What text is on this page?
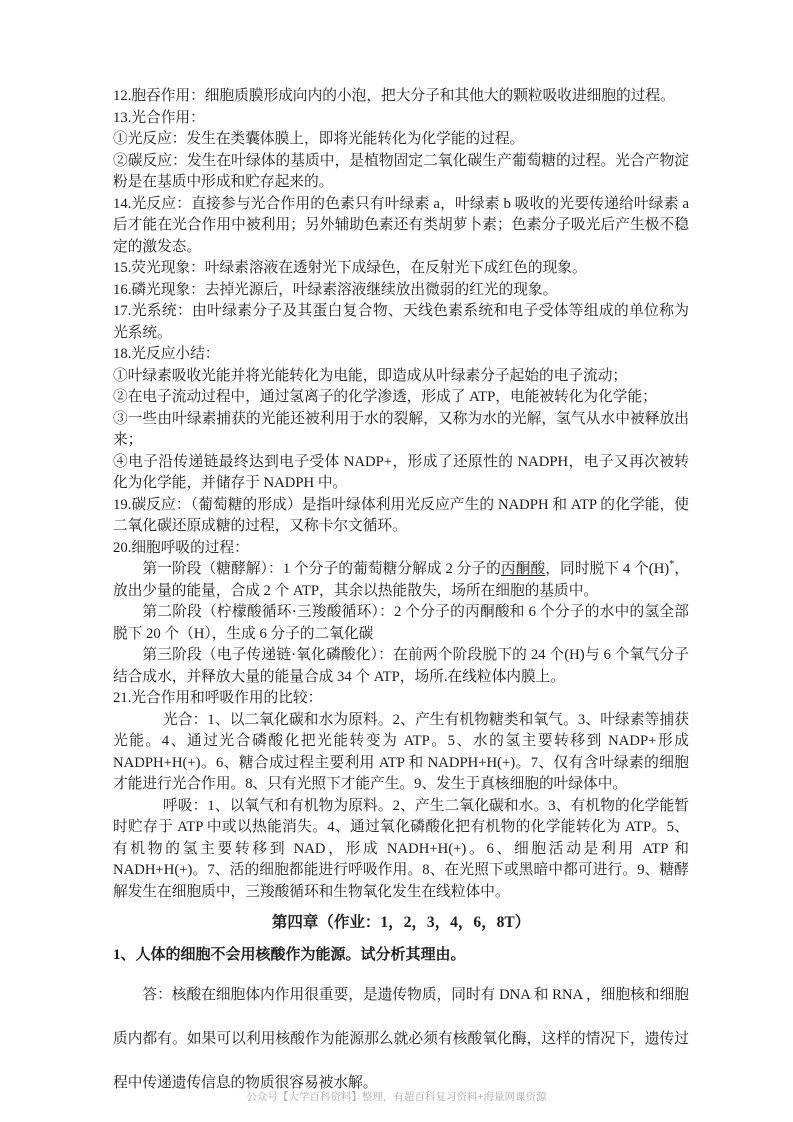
12.胞吞作用：细胞质膜形成向内的小泡，把大分子和其他大的颗粒吸收进细胞的过程。

13.光合作用：

①光反应：发生在类囊体膜上，即将光能转化为化学能的过程。

②碳反应：发生在叶绿体的基质中，是植物固定二氧化碳生产葡萄糖的过程。光合产物淀粉是在基质中形成和贮存起来的。

14.光反应：直接参与光合作用的色素只有叶绿素 a，叶绿素 b 吸收的光要传递给叶绿素 a 后才能在光合作用中被利用；另外辅助色素还有类胡萝卜素；色素分子吸光后产生极不稳定的激发态。

15.荧光现象：叶绿素溶液在透射光下成绿色，在反射光下成红色的现象。

16.磷光现象：去掉光源后，叶绿素溶液继续放出微弱的红光的现象。

17.光系统：由叶绿素分子及其蛋白复合物、天线色素系统和电子受体等组成的单位称为光系统。

18.光反应小结：

①叶绿素吸收光能并将光能转化为电能，即造成从叶绿素分子起始的电子流动；

②在电子流动过程中，通过氢离子的化学渗透，形成了 ATP，电能被转化为化学能；

③一些由叶绿素捕获的光能还被利用于水的裂解，又称为水的光解，氢气从水中被释放出来；

④电子沿传递链最终达到电子受体 NADP+，形成了还原性的 NADPH，电子又再次被转化为化学能，并储存于 NADPH 中。

19.碳反应：（葡萄糖的形成）是指叶绿体利用光反应产生的 NADPH 和 ATP 的化学能，使二氧化碳还原成糖的过程，又称卡尔文循环。

20.细胞呼吸的过程：

第一阶段（糖酵解）：1 个分子的葡萄糖分解成 2 分子的丙酮酸，同时脱下 4 个(H)*，放出少量的能量，合成 2 个 ATP，其余以热能散失，场所在细胞的基质中。

第二阶段（柠檬酸循环·三羧酸循环）：2 个分子的丙酮酸和 6 个分子的水中的氢全部脱下 20 个（H），生成 6 分子的二氧化碳

第三阶段（电子传递链·氧化磷酸化）：在前两个阶段脱下的 24 个(H)与 6 个氧气分子结合成水，并释放大量的能量合成 34 个 ATP，场所.在线粒体内膜上。

21.光合作用和呼吸作用的比较：

光合：1、以二氧化碳和水为原料。2、产生有机物糖类和氧气。3、叶绿素等捕获光能。4、通过光合磷酸化把光能转变为 ATP。5、水的氢主要转移到 NADP+形成 NADPH+H(+)。6、糖合成过程主要利用 ATP 和 NADPH+H(+)。7、仅有含叶绿素的细胞才能进行光合作用。8、只有光照下才能产生。9、发生于真核细胞的叶绿体中。

呼吸：1、以氧气和有机物为原料。2、产生二氧化碳和水。3、有机物的化学能暂时贮存于 ATP 中或以热能消失。4、通过氧化磷酸化把有机物的化学能转化为 ATP。5、有机物的氢主要转移到 NAD，形成 NADH+H(+)。6、细胞活动是利用 ATP 和 NADH+H(+)。7、活的细胞都能进行呼吸作用。8、在光照下或黑暗中都可进行。9、糖酵解发生在细胞质中，三羧酸循环和生物氧化发生在线粒体中。

第四章（作业：1，2，3，4，6，8T）

1、人体的细胞不会用核酸作为能源。试分析其理由。

答：核酸在细胞体内作用很重要，是遗传物质，同时有 DNA 和 RNA ，细胞核和细胞质内都有。如果可以利用核酸作为能源那么就必须有核酸氧化酶，这样的情况下，遗传过程中传递遗传信息的物质很容易被水解。

公众号【大学百科资料】整理，有超百科复习资料+海量网课资源
